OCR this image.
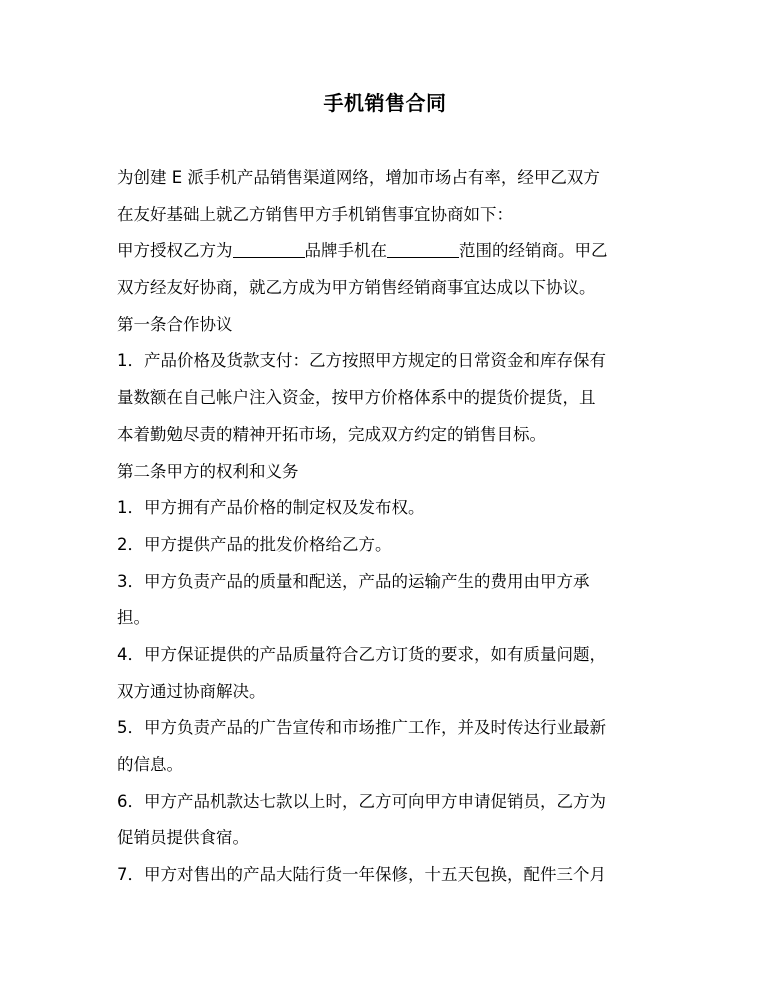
手机销售合同
为创建 E 派手机产品销售渠道网络，增加市场占有率，经甲乙双方
在友好基础上就乙方销售甲方手机销售事宜协商如下：
甲方授权乙方为	品牌手机在	范围的经销商。甲乙
双方经友好协商，就乙方成为甲方销售经销商事宜达成以下协议。
第一条合作协议
1．产品价格及货款支付：乙方按照甲方规定的日常资金和库存保有
量数额在自己帐户注入资金，按甲方价格体系中的提货价提货，且
本着勤勉尽责的精神开拓市场，完成双方约定的销售目标。
第二条甲方的权利和义务
1．甲方拥有产品价格的制定权及发布权。
2．甲方提供产品的批发价格给乙方。
3．甲方负责产品的质量和配送，产品的运输产生的费用由甲方承
担。
4．甲方保证提供的产品质量符合乙方订货的要求，如有质量问题，
双方通过协商解决。
5．甲方负责产品的广告宣传和市场推广工作，并及时传达行业最新
的信息。
6．甲方产品机款达七款以上时，乙方可向甲方申请促销员，乙方为
促销员提供食宿。
7．甲方对售出的产品大陆行货一年保修，十五天包换，配件三个月
